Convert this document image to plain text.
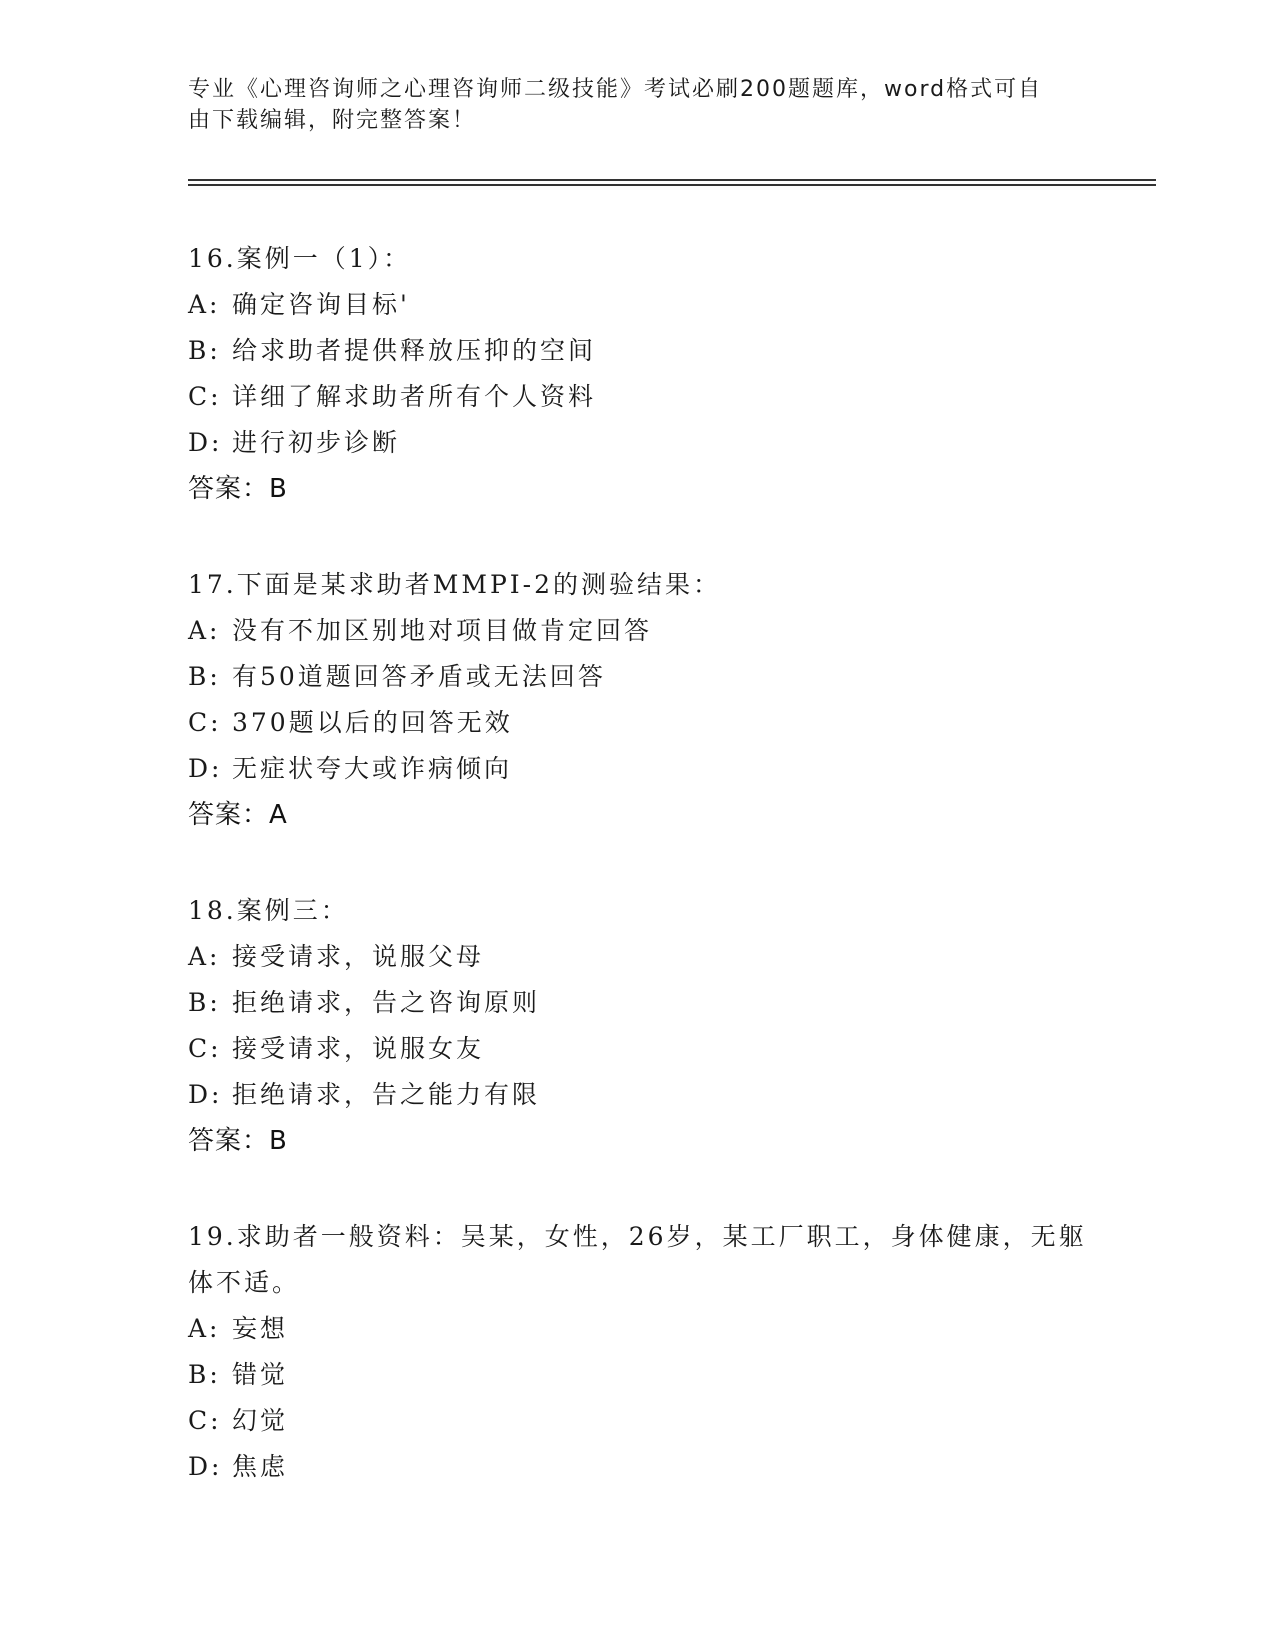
专业《心理咨询师之心理咨询师二级技能》考试必刷200题题库，word格式可自
由下载编辑，附完整答案！

16.案例一（1）：

A: 确定咨询目标'

B: 给求助者提供释放压抑的空间

C: 详细了解求助者所有个人资料

D: 进行初步诊断

答案：B

17.下面是某求助者MMPI-2的测验结果：

A: 没有不加区别地对项目做肯定回答

B: 有50道题回答矛盾或无法回答

C: 370题以后的回答无效

D: 无症状夸大或诈病倾向

答案：A

18.案例三：

A: 接受请求，说服父母

B: 拒绝请求，告之咨询原则

C: 接受请求，说服女友

D: 拒绝请求，告之能力有限

答案：B

19.求助者一般资料：吴某，女性，26岁，某工厂职工，身体健康，无躯体不适。

A: 妄想

B: 错觉

C: 幻觉

D: 焦虑
